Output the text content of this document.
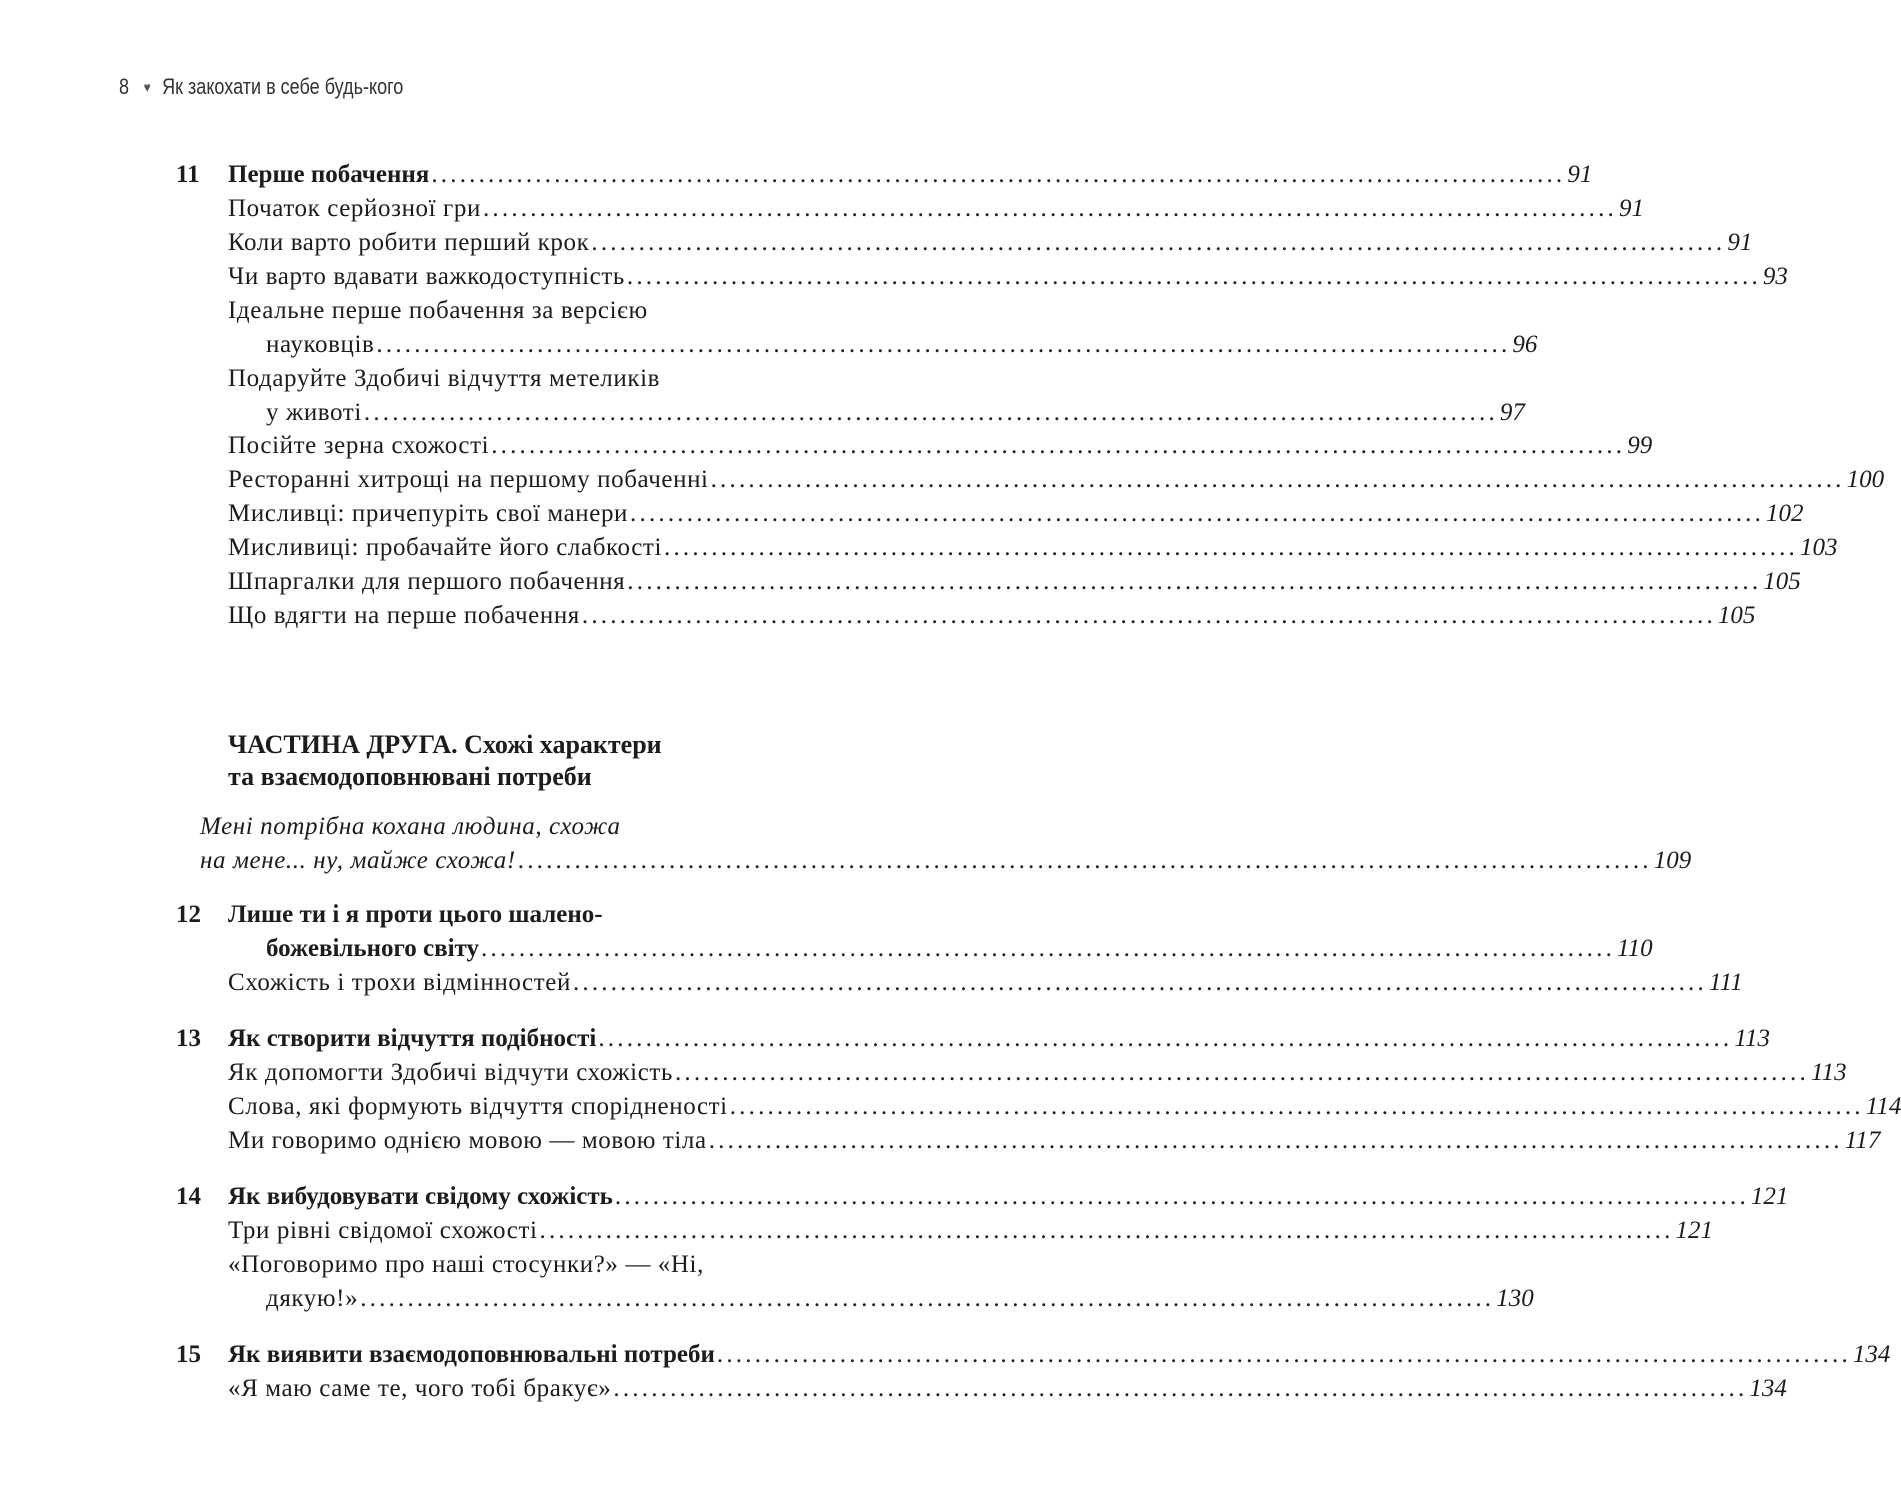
8 ♥ Як закохати в себе будь-кого
ЧАСТИНА ДРУГА. Схожі характери
та взаємодоповнювані потреби
11 Перше побачення ........................................................................................................................ 91
Початок серйозної гри ........................................................................................................................ 91
Коли варто робити перший крок ........................................................................................................................ 91
Чи варто вдавати важкодоступність ........................................................................................................................ 93
Ідеальне перше побачення за версією
науковців ........................................................................................................................ 96
Подаруйте Здобичі відчуття метеликів
у животі ........................................................................................................................ 97
Посійте зерна схожості ........................................................................................................................ 99
Ресторанні хитрощі на першому побаченні ........................................................................................................................ 100
Мисливці: причепуріть свої манери ........................................................................................................................ 102
Мисливиці: пробачайте його слабкості ........................................................................................................................ 103
Шпаргалки для першого побачення ........................................................................................................................ 105
Що вдягти на перше побачення ........................................................................................................................ 105
Мені потрібна кохана людина, схожа
на мене... ну, майже схожа! ........................................................................................................................ 109
12 Лише ти і я проти цього шалено-
божевільного світу ........................................................................................................................ 110
Схожість і трохи відмінностей ........................................................................................................................ 111
13 Як створити відчуття подібності ........................................................................................................................ 113
Як допомогти Здобичі відчути схожість ........................................................................................................................ 113
Слова, які формують відчуття спорідненості ........................................................................................................................ 114
Ми говоримо однією мовою — мовою тіла ........................................................................................................................ 117
14 Як вибудовувати свідому схожість ........................................................................................................................ 121
Три рівні свідомої схожості ........................................................................................................................ 121
«Поговоримо про наші стосунки?» — «Ні,
дякую!» ........................................................................................................................ 130
15 Як виявити взаємодоповнювальні потреби ........................................................................................................................ 134
«Я маю саме те, чого тобі бракує» ........................................................................................................................ 134
